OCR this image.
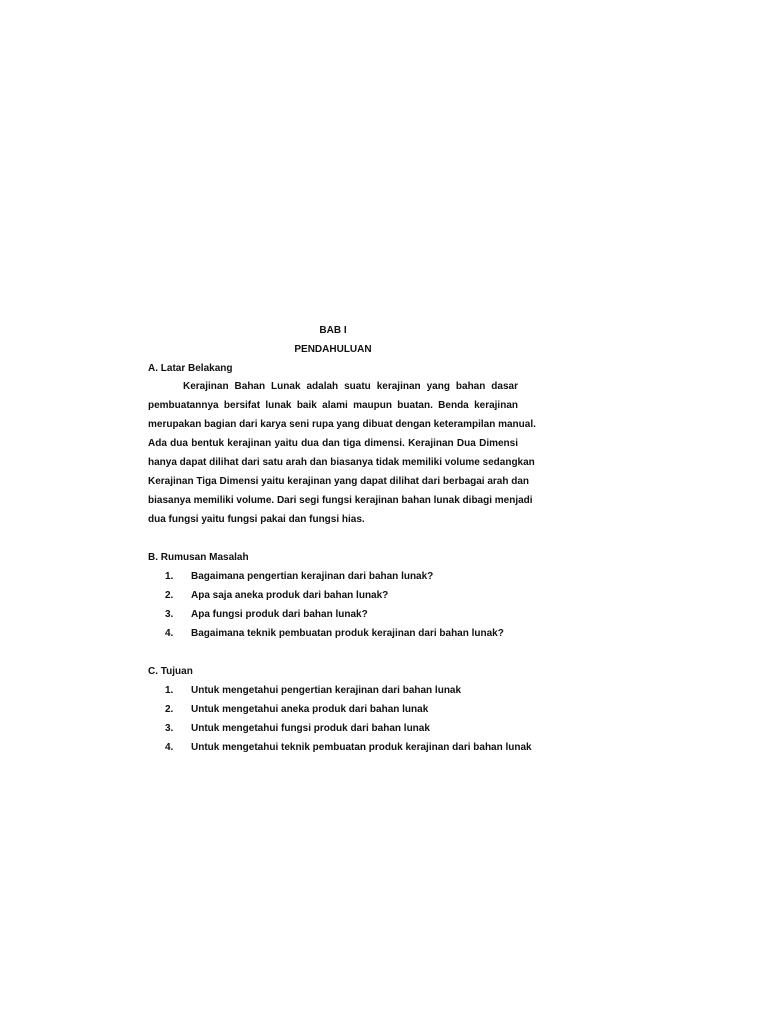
BAB I
PENDAHULUAN
A. Latar Belakang
Kerajinan Bahan Lunak adalah suatu kerajinan yang bahan dasar
pembuatannya bersifat lunak baik alami maupun buatan. Benda kerajinan
merupakan bagian dari karya seni rupa yang dibuat dengan keterampilan manual.
Ada dua bentuk kerajinan yaitu dua dan tiga dimensi. Kerajinan Dua Dimensi
hanya dapat dilihat dari satu arah dan biasanya tidak memiliki volume sedangkan
Kerajinan Tiga Dimensi yaitu kerajinan yang dapat dilihat dari berbagai arah dan
biasanya memiliki volume. Dari segi fungsi kerajinan bahan lunak dibagi menjadi
dua fungsi yaitu fungsi pakai dan fungsi hias.
B. Rumusan Masalah
1. Bagaimana pengertian kerajinan dari bahan lunak?
2. Apa saja aneka produk dari bahan lunak?
3. Apa fungsi produk dari bahan lunak?
4. Bagaimana teknik pembuatan produk kerajinan dari bahan lunak?
C. Tujuan
1. Untuk mengetahui pengertian kerajinan dari bahan lunak
2. Untuk mengetahui aneka produk dari bahan lunak
3. Untuk mengetahui fungsi produk dari bahan lunak
4. Untuk mengetahui teknik pembuatan produk kerajinan dari bahan lunak
